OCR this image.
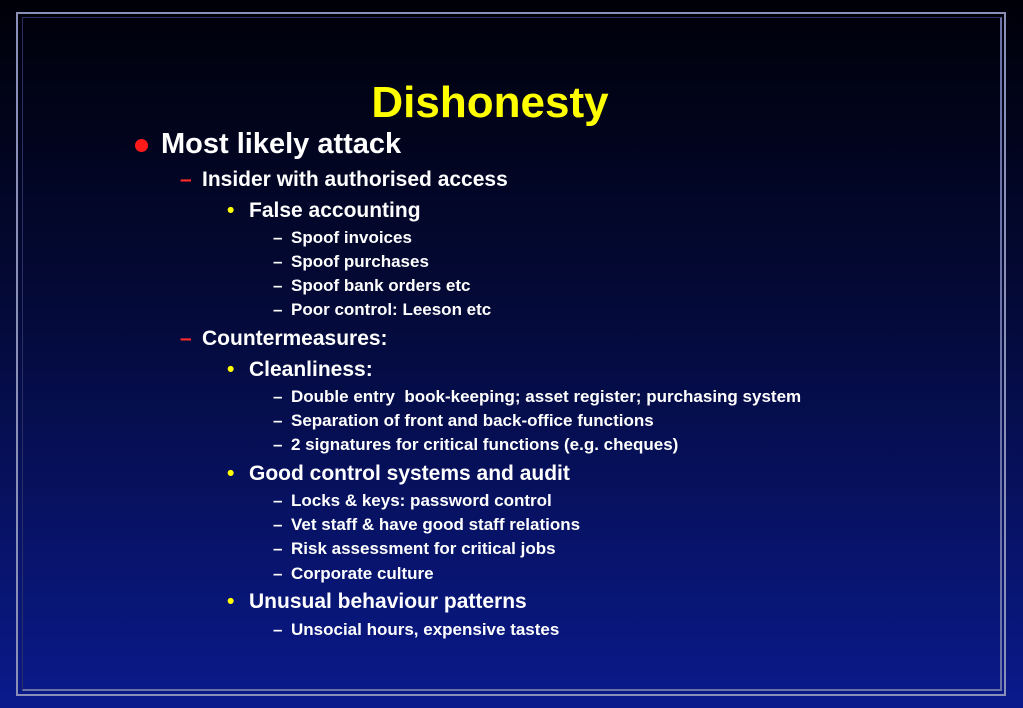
Dishonesty
Most likely attack
– Insider with authorised access
• False accounting
– Spoof invoices
– Spoof purchases
– Spoof bank orders etc
– Poor control: Leeson etc
– Countermeasures:
• Cleanliness:
– Double entry  book-keeping; asset register; purchasing system
– Separation of front and back-office functions
– 2 signatures for critical functions (e.g. cheques)
• Good control systems and audit
– Locks & keys: password control
– Vet staff & have good staff relations
– Risk assessment for critical jobs
– Corporate culture
• Unusual behaviour patterns
– Unsocial hours, expensive tastes
